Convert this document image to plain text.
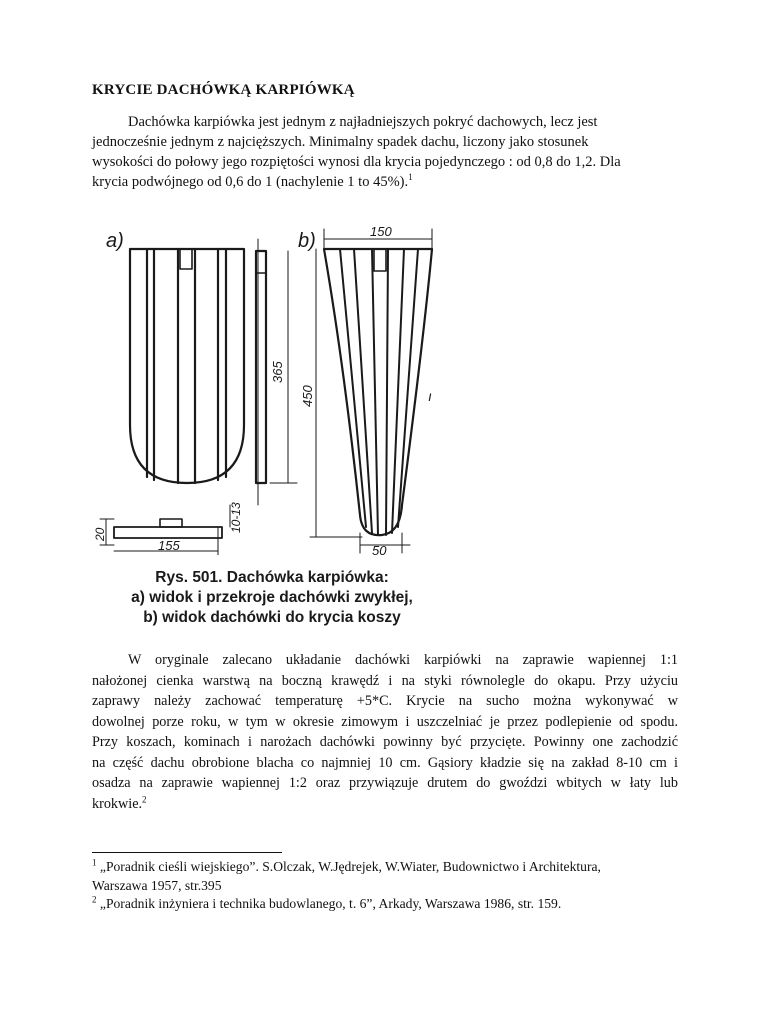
KRYCIE DACHÓWKĄ KARPIÓWKĄ

Dachówka karpiówka jest jednym z najładniejszych pokryć dachowych, lecz jest
jednocześnie jednym z najcięższych. Minimalny spadek dachu, liczony jako stosunek
wysokości do połowy jego rozpiętości wynosi dla krycia pojedynczego : od 0,8 do 1,2. Dla
krycia podwójnego od 0,6 do 1 (nachylenie 1 to 45%).$^1$

a)	b)
365
150
450
50
155
20
10-13
ı
Rys. 501. Dachówka karpiówka:
a) widok i przekroje dachówki zwykłej,
b) widok dachówki do krycia koszy

W oryginale zalecano układanie dachówki karpiówki na zaprawie wapiennej 1:1
nałożonej cienka warstwą na boczną krawędź i na styki równolegle do okapu. Przy użyciu
zaprawy należy zachować temperaturę +5*C. Krycie na sucho można wykonywać w
dowolnej porze roku, w tym w okresie zimowym i uszczelniać je przez podlepienie od spodu.
Przy koszach, kominach i narożach dachówki powinny być przycięte. Powinny one zachodzić
na część dachu obrobione blacha co najmniej 10 cm. Gąsiory kładzie się na zakład 8-10 cm i
osadza na zaprawie wapiennej 1:2 oraz przywiązuje drutem do gwoździ wbitych w łaty lub
krokwie.$^2$

$^1$ „Poradnik cieśli wiejskiego”. S.Olczak, W.Jędrejek, W.Wiater, Budownictwo i Architektura,
Warszawa 1957, str.395
$^2$ „Poradnik inżyniera i technika budowlanego, t. 6”, Arkady, Warszawa 1986, str. 159.
